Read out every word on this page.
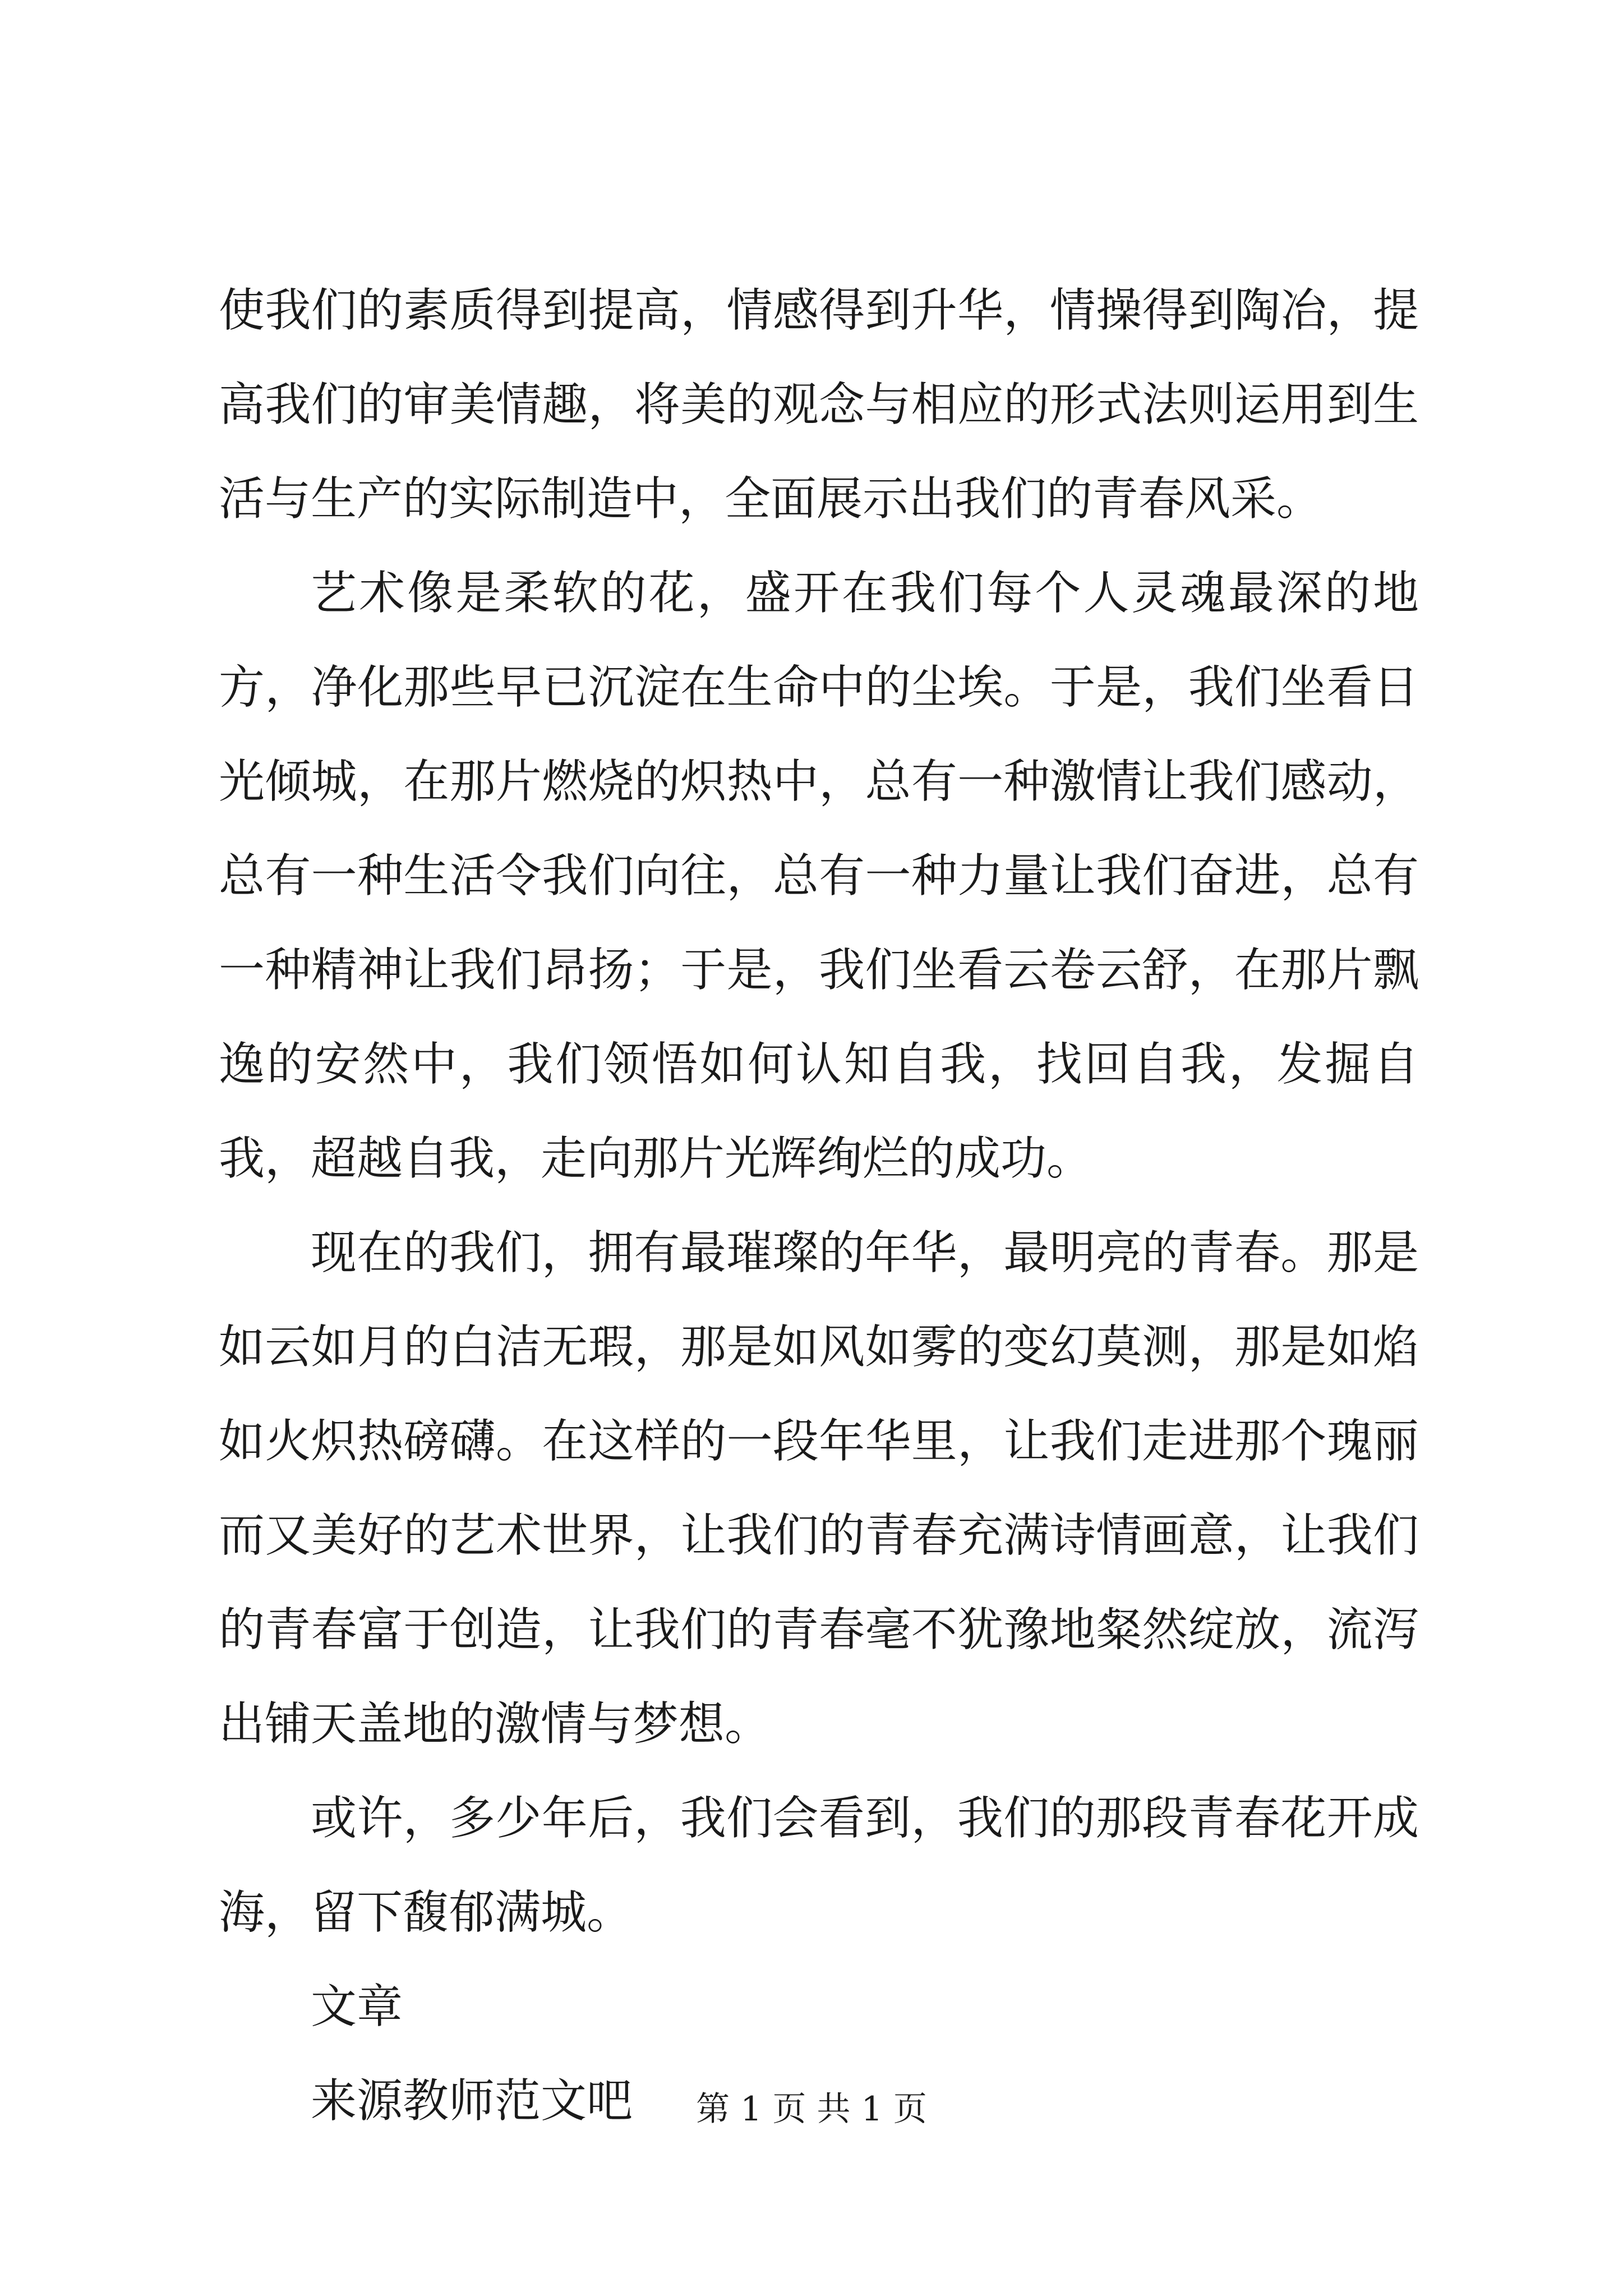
使我们的素质得到提高，情感得到升华，情操得到陶冶，提高我们的审美情趣，将美的观念与相应的形式法则运用到生活与生产的实际制造中，全面展示出我们的青春风采。

艺术像是柔软的花，盛开在我们每个人灵魂最深的地方，净化那些早已沉淀在生命中的尘埃。于是，我们坐看日光倾城，在那片燃烧的炽热中，总有一种激情让我们感动，总有一种生活令我们向往，总有一种力量让我们奋进，总有一种精神让我们昂扬；于是，我们坐看云卷云舒，在那片飘逸的安然中，我们领悟如何认知自我，找回自我，发掘自我，超越自我，走向那片光辉绚烂的成功。

现在的我们，拥有最璀璨的年华，最明亮的青春。那是如云如月的白洁无瑕，那是如风如雾的变幻莫测，那是如焰如火炽热磅礴。在这样的一段年华里，让我们走进那个瑰丽而又美好的艺术世界，让我们的青春充满诗情画意，让我们的青春富于创造，让我们的青春毫不犹豫地粲然绽放，流泻出铺天盖地的激情与梦想。

或许，多少年后，我们会看到，我们的那段青春花开成海，留下馥郁满城。

文章

来源教师范文吧	第 1 页 共 1 页
